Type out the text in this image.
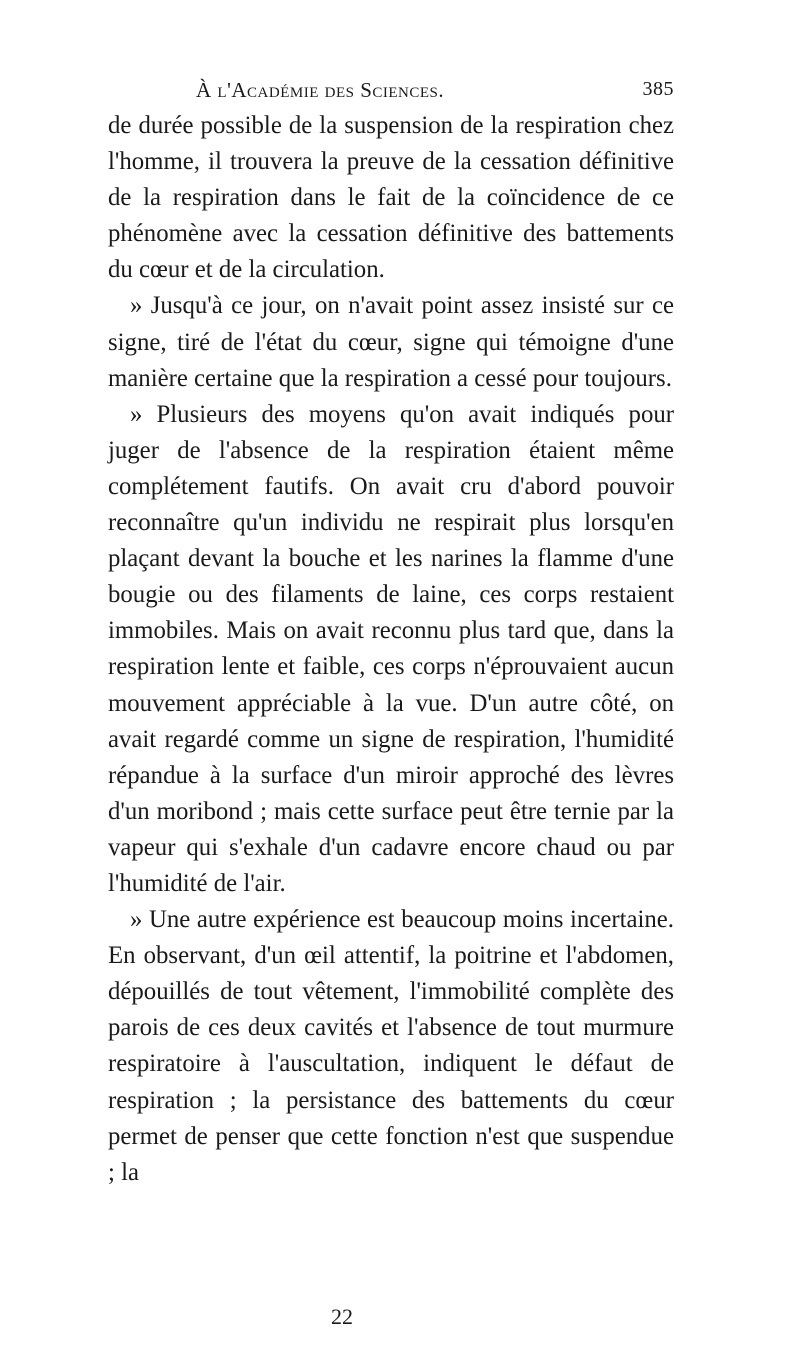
À l'Académie des Sciences.	385

de durée possible de la suspension de la respiration chez l'homme, il trouvera la preuve de la cessation définitive de la respiration dans le fait de la coïncidence de ce phénomène avec la cessation définitive des battements du cœur et de la circulation.

» Jusqu'à ce jour, on n'avait point assez insisté sur ce signe, tiré de l'état du cœur, signe qui témoigne d'une manière certaine que la respiration a cessé pour toujours.

» Plusieurs des moyens qu'on avait indiqués pour juger de l'absence de la respiration étaient même complétement fautifs. On avait cru d'abord pouvoir reconnaître qu'un individu ne respirait plus lorsqu'en plaçant devant la bouche et les narines la flamme d'une bougie ou des filaments de laine, ces corps restaient immobiles. Mais on avait reconnu plus tard que, dans la respiration lente et faible, ces corps n'éprouvaient aucun mouvement appréciable à la vue. D'un autre côté, on avait regardé comme un signe de respiration, l'humidité répandue à la surface d'un miroir approché des lèvres d'un moribond ; mais cette surface peut être ternie par la vapeur qui s'exhale d'un cadavre encore chaud ou par l'humidité de l'air.

» Une autre expérience est beaucoup moins incertaine. En observant, d'un œil attentif, la poitrine et l'abdomen, dépouillés de tout vêtement, l'immobilité complète des parois de ces deux cavités et l'absence de tout murmure respiratoire à l'auscultation, indiquent le défaut de respiration ; la persistance des battements du cœur permet de penser que cette fonction n'est que suspendue ; la

22
